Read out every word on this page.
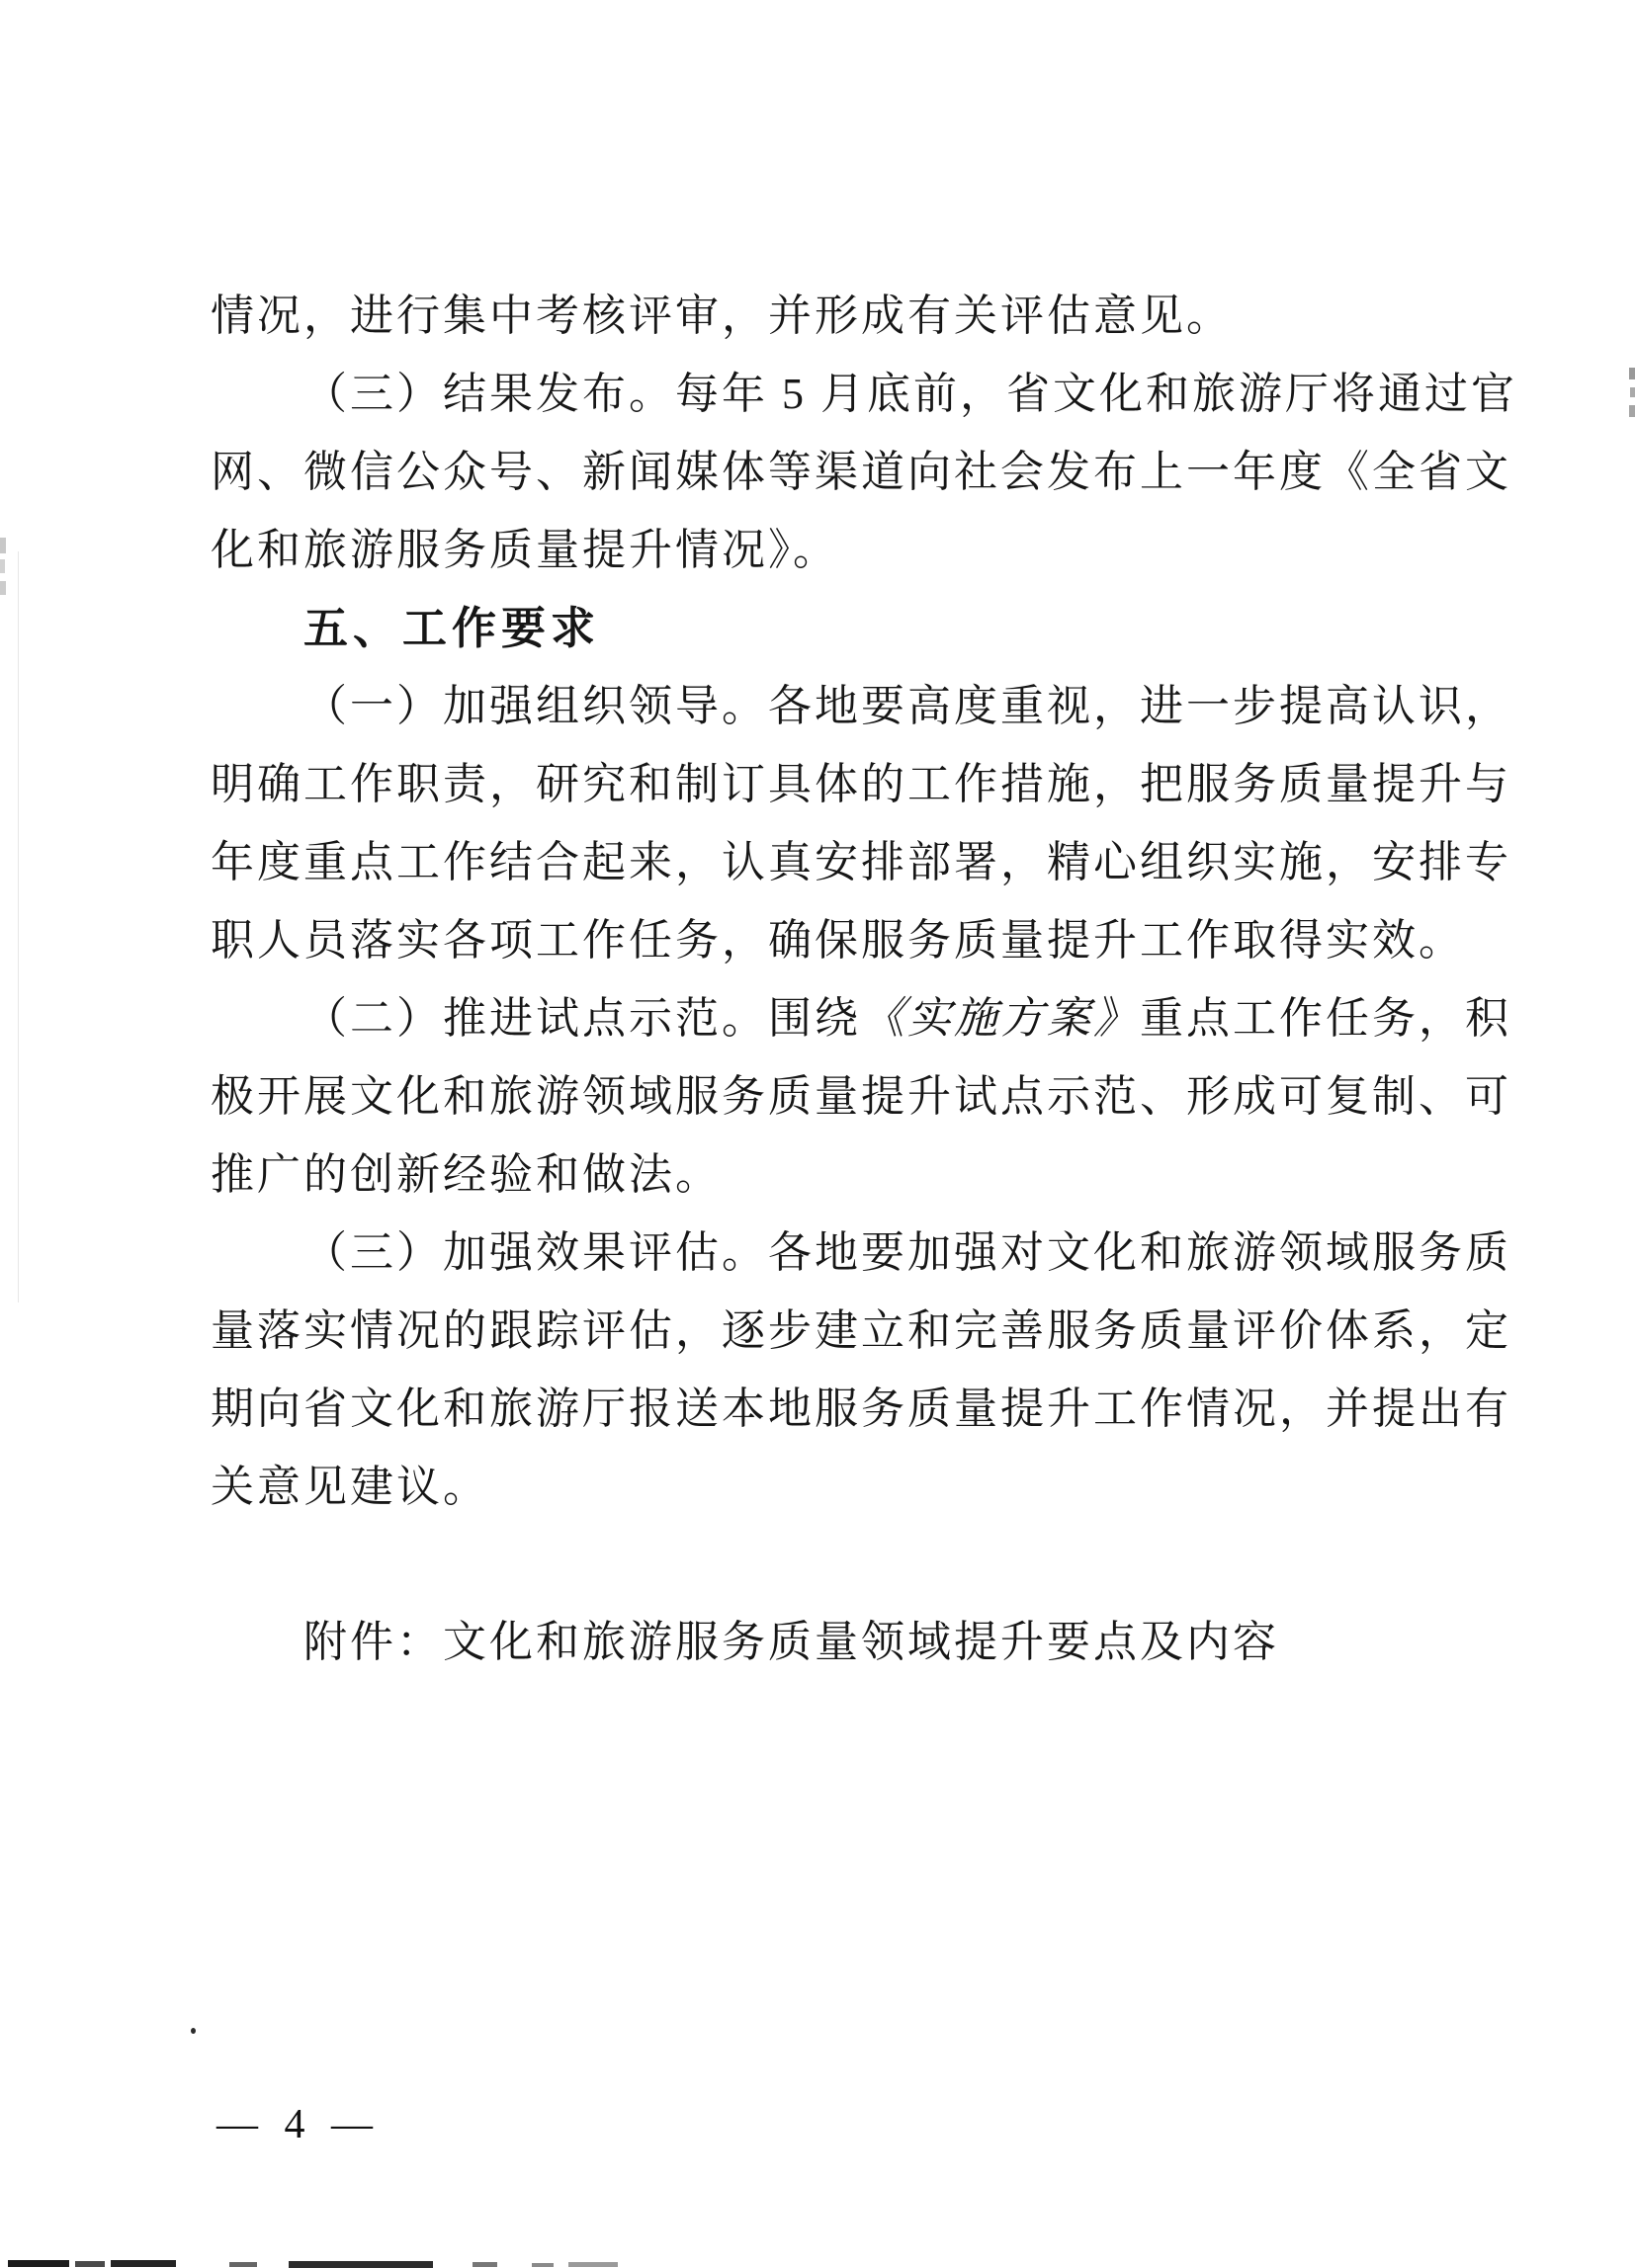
情况，进行集中考核评审，并形成有关评估意见。
（三）结果发布。每年 5 月底前，省文化和旅游厅将通过官
网、微信公众号、新闻媒体等渠道向社会发布上一年度《全省文
化和旅游服务质量提升情况》。
五、工作要求
（一）加强组织领导。各地要高度重视，进一步提高认识，
明确工作职责，研究和制订具体的工作措施，把服务质量提升与
年度重点工作结合起来，认真安排部署，精心组织实施，安排专
职人员落实各项工作任务，确保服务质量提升工作取得实效。
（二）推进试点示范。围绕《实施方案》重点工作任务，积
极开展文化和旅游领域服务质量提升试点示范、形成可复制、可
推广的创新经验和做法。
（三）加强效果评估。各地要加强对文化和旅游领域服务质
量落实情况的跟踪评估，逐步建立和完善服务质量评价体系，定
期向省文化和旅游厅报送本地服务质量提升工作情况，并提出有
关意见建议。
附件：文化和旅游服务质量领域提升要点及内容
— 4 —
